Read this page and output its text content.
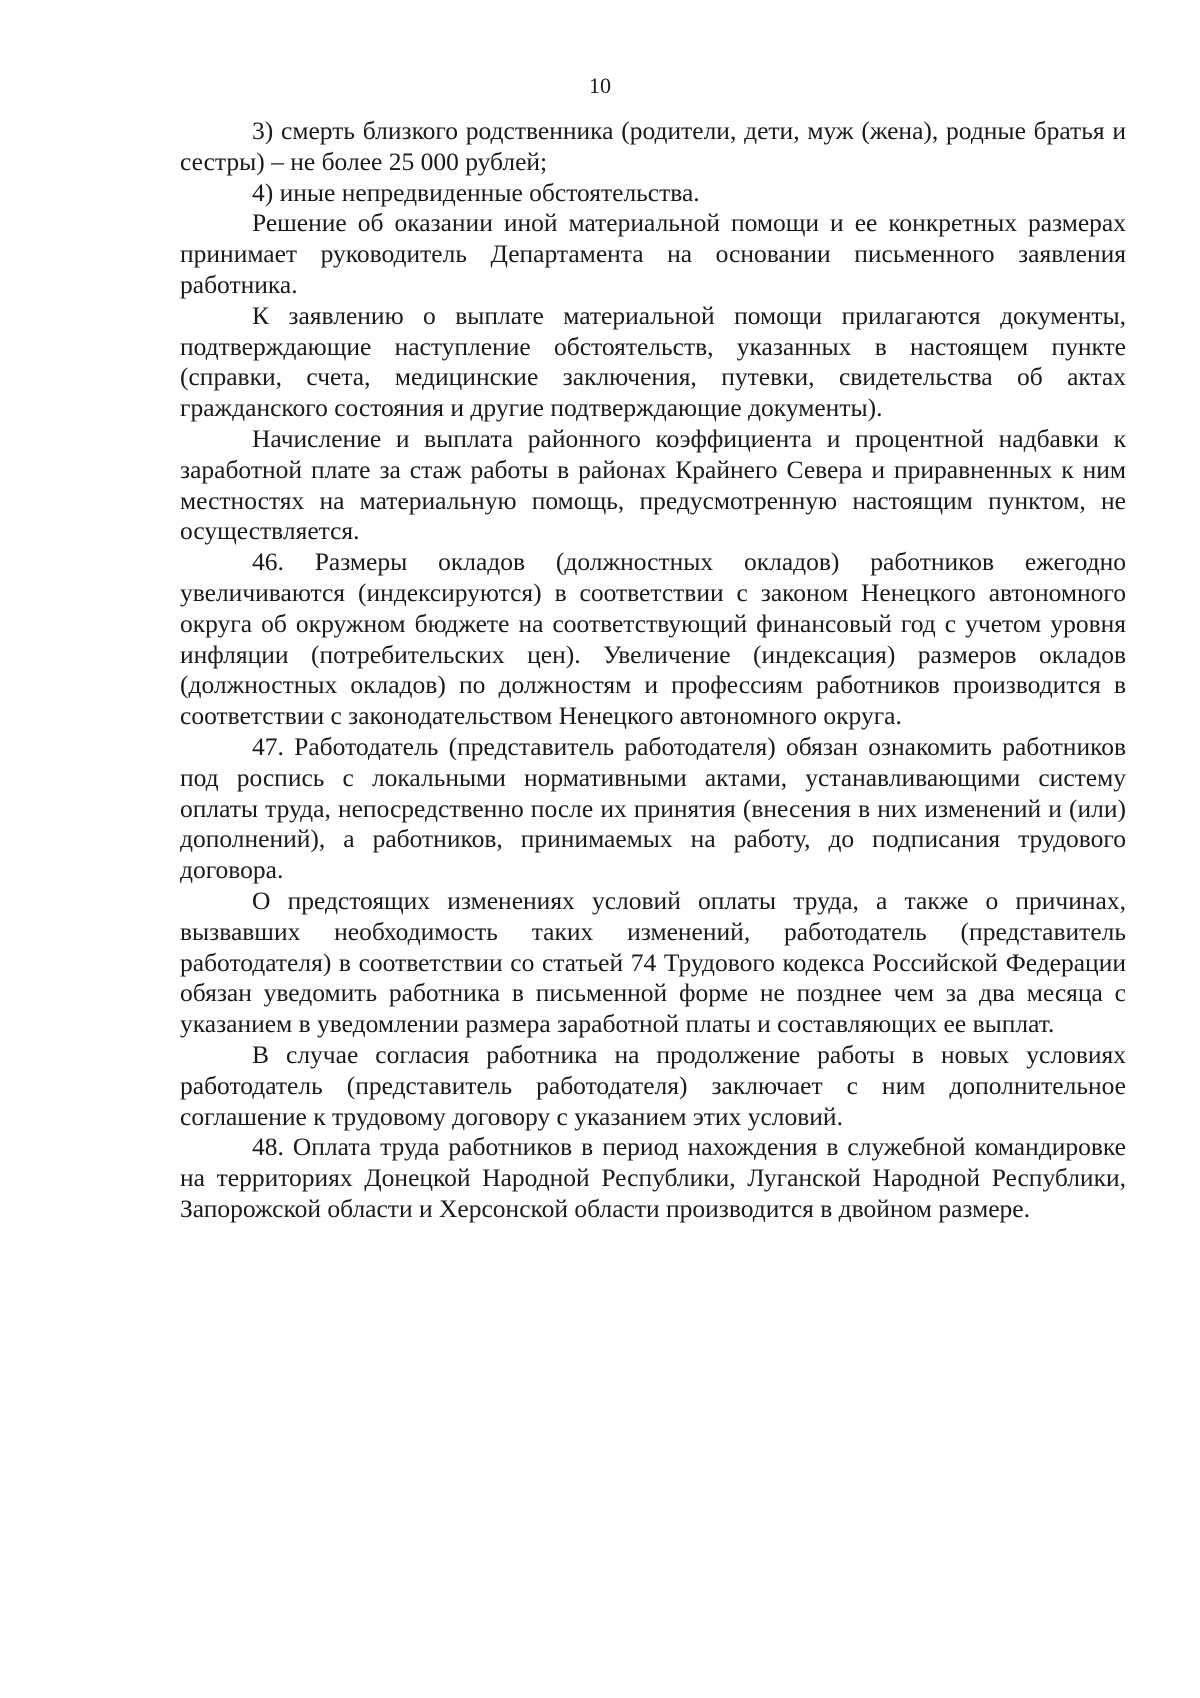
10

3) смерть близкого родственника (родители, дети, муж (жена), родные братья и сестры) – не более 25 000 рублей;

4) иные непредвиденные обстоятельства.

Решение об оказании иной материальной помощи и ее конкретных размерах принимает руководитель Департамента на основании письменного заявления работника.

К заявлению о выплате материальной помощи прилагаются документы, подтверждающие наступление обстоятельств, указанных в настоящем пункте (справки, счета, медицинские заключения, путевки, свидетельства об актах гражданского состояния и другие подтверждающие документы).

Начисление и выплата районного коэффициента и процентной надбавки к заработной плате за стаж работы в районах Крайнего Севера и приравненных к ним местностях на материальную помощь, предусмотренную настоящим пунктом, не осуществляется.

46. Размеры окладов (должностных окладов) работников ежегодно увеличиваются (индексируются) в соответствии с законом Ненецкого автономного округа об окружном бюджете на соответствующий финансовый год с учетом уровня инфляции (потребительских цен). Увеличение (индексация) размеров окладов (должностных окладов) по должностям и профессиям работников производится в соответствии с законодательством Ненецкого автономного округа.

47. Работодатель (представитель работодателя) обязан ознакомить работников под роспись с локальными нормативными актами, устанавливающими систему оплаты труда, непосредственно после их принятия (внесения в них изменений и (или) дополнений), а работников, принимаемых на работу, до подписания трудового договора.

О предстоящих изменениях условий оплаты труда, а также о причинах, вызвавших необходимость таких изменений, работодатель (представитель работодателя) в соответствии со статьей 74 Трудового кодекса Российской Федерации обязан уведомить работника в письменной форме не позднее чем за два месяца с указанием в уведомлении размера заработной платы и составляющих ее выплат.

В случае согласия работника на продолжение работы в новых условиях работодатель (представитель работодателя) заключает с ним дополнительное соглашение к трудовому договору с указанием этих условий.

48. Оплата труда работников в период нахождения в служебной командировке на территориях Донецкой Народной Республики, Луганской Народной Республики, Запорожской области и Херсонской области производится в двойном размере.
